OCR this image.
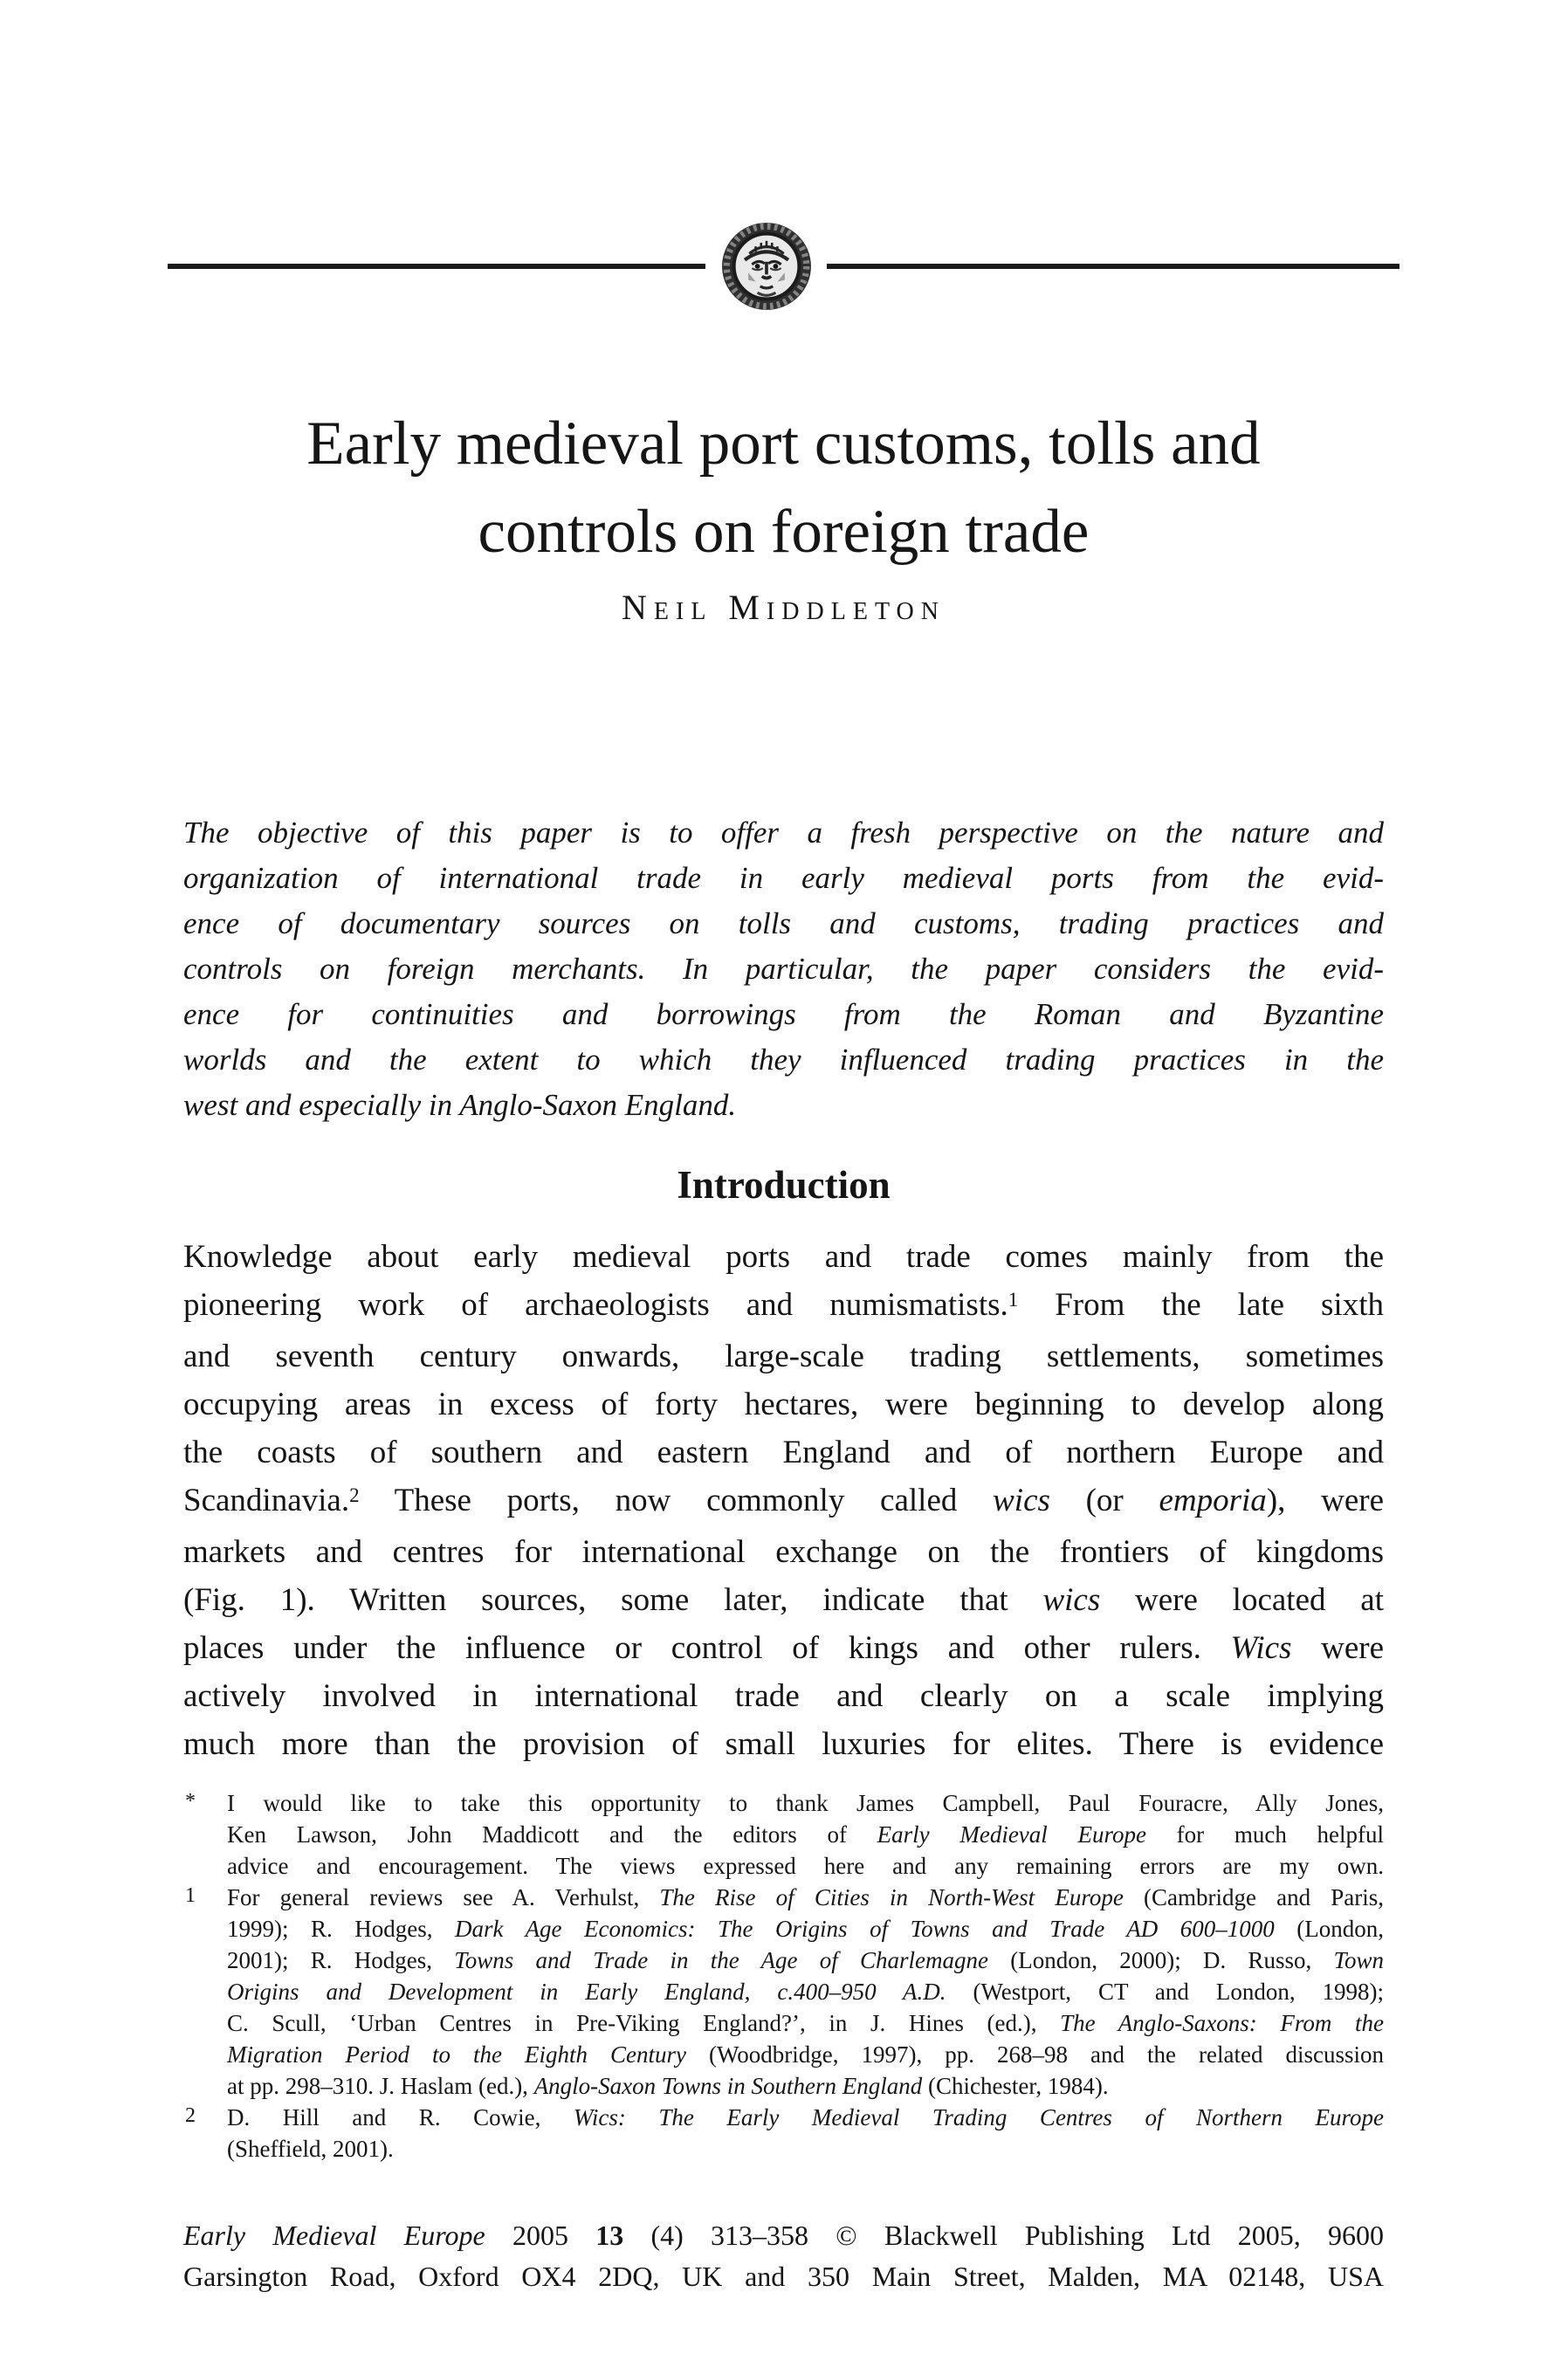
Early medieval port customs, tolls and
controls on foreign trade
Neil Middleton
The objective of this paper is to offer a fresh perspective on the nature and
organization of international trade in early medieval ports from the evid-
ence of documentary sources on tolls and customs, trading practices and
controls on foreign merchants. In particular, the paper considers the evid-
ence for continuities and borrowings from the Roman and Byzantine
worlds and the extent to which they influenced trading practices in the
west and especially in Anglo-Saxon England.
Introduction
Knowledge about early medieval ports and trade comes mainly from the
pioneering work of archaeologists and numismatists.$^1$ From the late sixth
and seventh century onwards, large-scale trading settlements, sometimes
occupying areas in excess of forty hectares, were beginning to develop along
the coasts of southern and eastern England and of northern Europe and
Scandinavia.$^2$ These ports, now commonly called wics (or emporia), were
markets and centres for international exchange on the frontiers of kingdoms
(Fig. 1). Written sources, some later, indicate that wics were located at
places under the influence or control of kings and other rulers. Wics were
actively involved in international trade and clearly on a scale implying
much more than the provision of small luxuries for elites. There is evidence
* I would like to take this opportunity to thank James Campbell, Paul Fouracre, Ally Jones,
Ken Lawson, John Maddicott and the editors of Early Medieval Europe for much helpful
advice and encouragement. The views expressed here and any remaining errors are my own.
1 For general reviews see A. Verhulst, The Rise of Cities in North-West Europe (Cambridge and Paris,
1999); R. Hodges, Dark Age Economics: The Origins of Towns and Trade AD 600–1000 (London,
2001); R. Hodges, Towns and Trade in the Age of Charlemagne (London, 2000); D. Russo, Town
Origins and Development in Early England, c.400–950 A.D. (Westport, CT and London, 1998);
C. Scull, ‘Urban Centres in Pre-Viking England?’, in J. Hines (ed.), The Anglo-Saxons: From the
Migration Period to the Eighth Century (Woodbridge, 1997), pp. 268–98 and the related discussion
at pp. 298–310. J. Haslam (ed.), Anglo-Saxon Towns in Southern England (Chichester, 1984).
2 D. Hill and R. Cowie, Wics: The Early Medieval Trading Centres of Northern Europe
(Sheffield, 2001).
Early Medieval Europe 2005 13 (4) 313–358 © Blackwell Publishing Ltd 2005, 9600
Garsington Road, Oxford OX4 2DQ, UK and 350 Main Street, Malden, MA 02148, USA
